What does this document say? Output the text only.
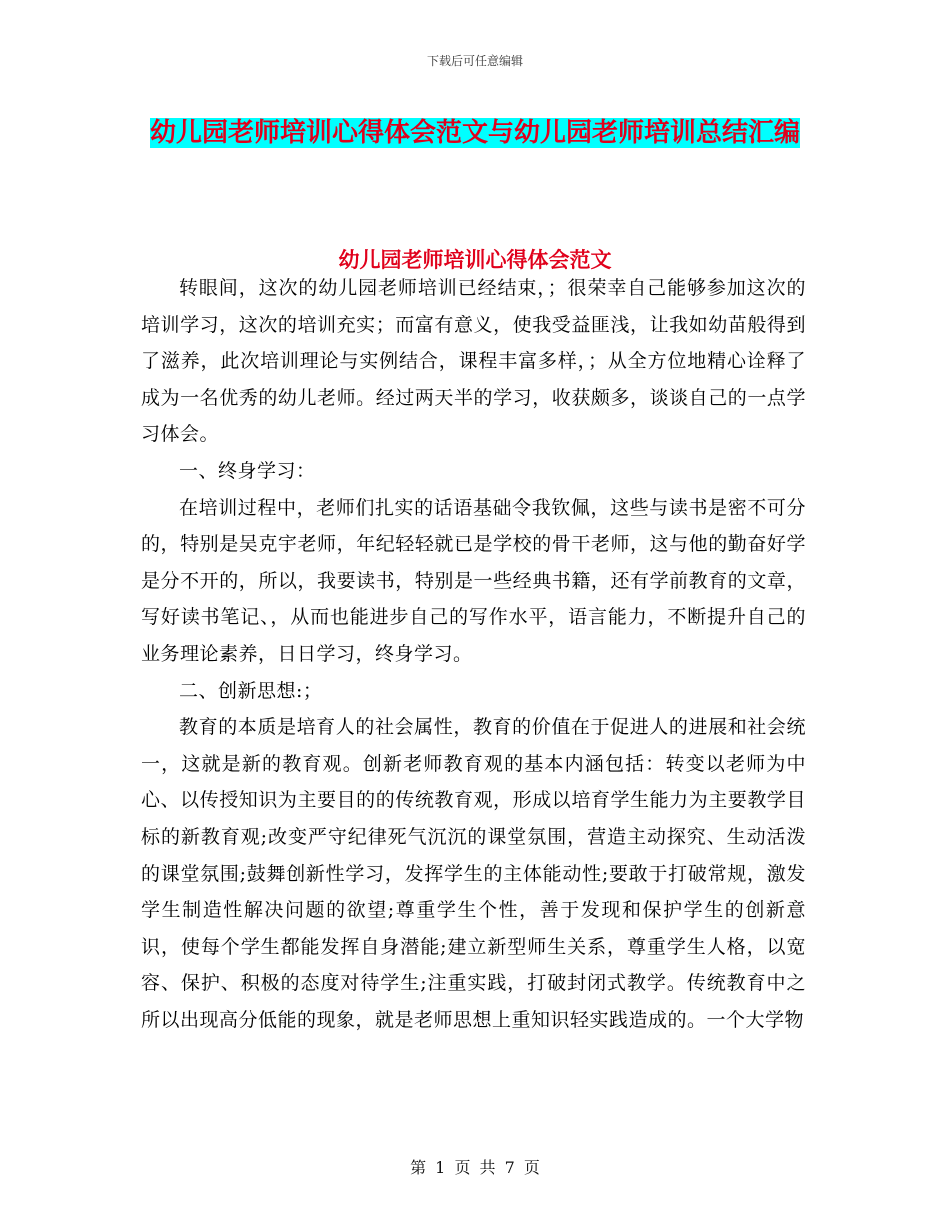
下载后可任意编辑
幼儿园老师培训心得体会范文与幼儿园老师培训总结汇编
幼儿园老师培训心得体会范文

转眼间，这次的幼儿园老师培训已经结束，；很荣幸自己能够参加这次的培训学习，这次的培训充实；而富有意义，使我受益匪浅，让我如幼苗般得到了滋养，此次培训理论与实例结合，课程丰富多样，；从全方位地精心诠释了成为一名优秀的幼儿老师。经过两天半的学习，收获颇多，谈谈自己的一点学习体会。

一、终身学习：

在培训过程中，老师们扎实的话语基础令我钦佩，这些与读书是密不可分的，特别是吴克宇老师，年纪轻轻就已是学校的骨干老师，这与他的勤奋好学是分不开的，所以，我要读书，特别是一些经典书籍，还有学前教育的文章，写好读书笔记、，从而也能进步自己的写作水平，语言能力，不断提升自己的业务理论素养，日日学习，终身学习。

二、创新思想:；

教育的本质是培育人的社会属性，教育的价值在于促进人的进展和社会统一，这就是新的教育观。创新老师教育观的基本内涵包括：转变以老师为中心、以传授知识为主要目的的传统教育观，形成以培育学生能力为主要教学目标的新教育观;改变严守纪律死气沉沉的课堂氛围，营造主动探究、生动活泼的课堂氛围;鼓舞创新性学习，发挥学生的主体能动性;要敢于打破常规，激发学生制造性解决问题的欲望;尊重学生个性，善于发现和保护学生的创新意识，使每个学生都能发挥自身潜能;建立新型师生关系，尊重学生人格，以宽容、保护、积极的态度对待学生;注重实践，打破封闭式教学。传统教育中之所以出现高分低能的现象，就是老师思想上重知识轻实践造成的。一个大学物

第 1 页 共 7 页
